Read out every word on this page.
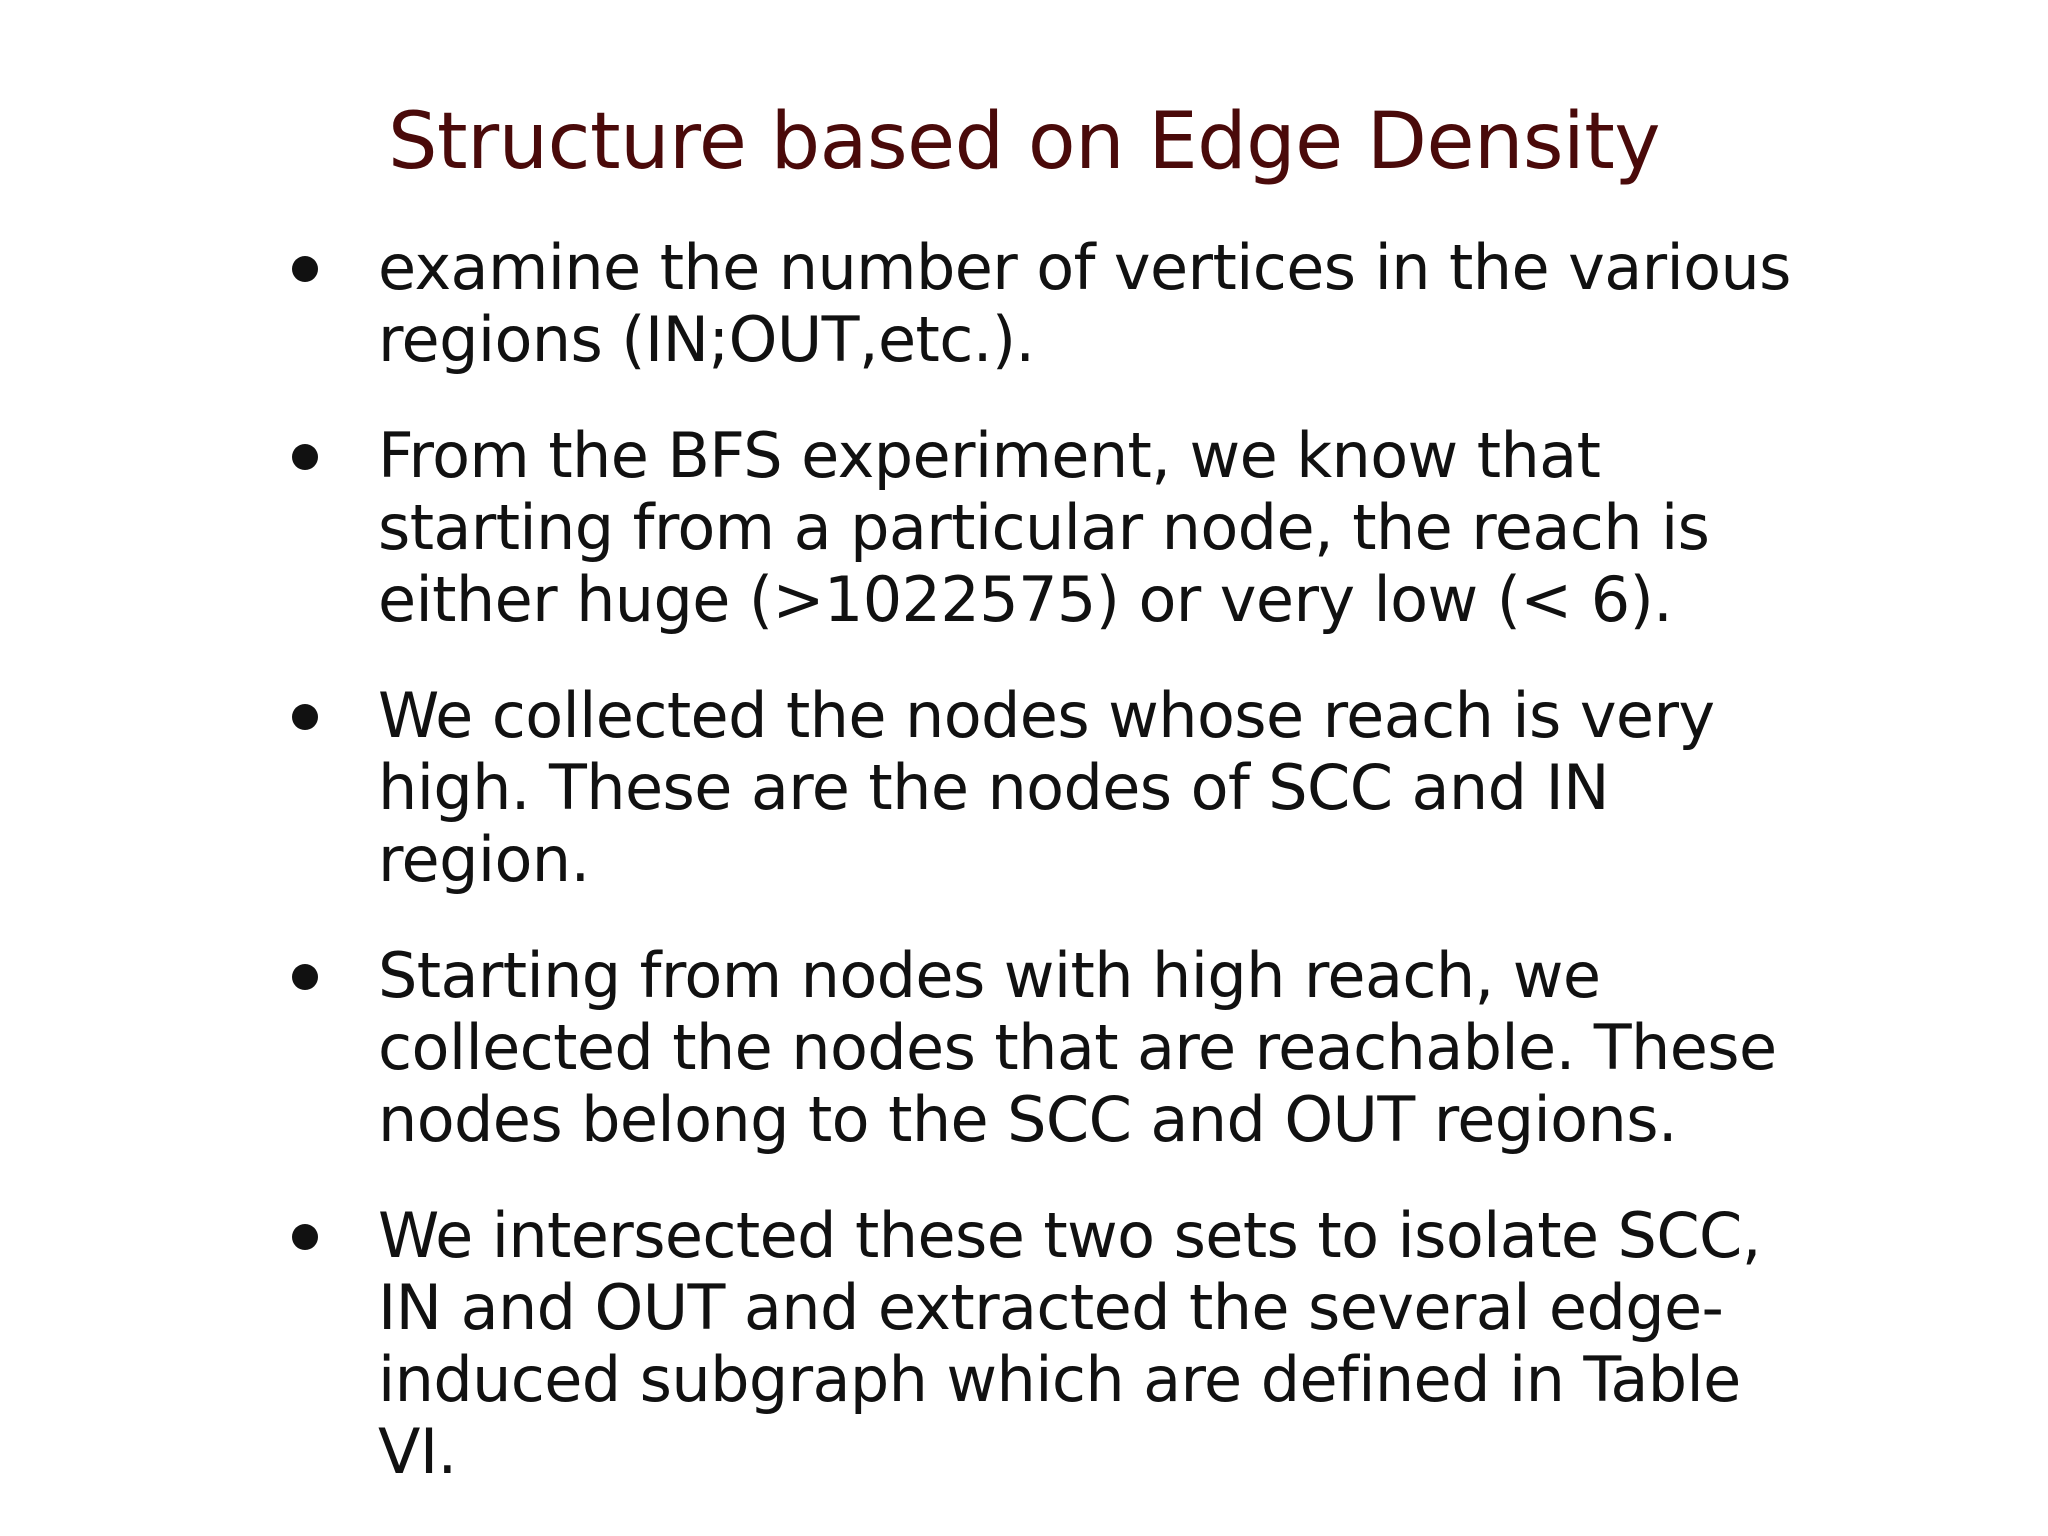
Structure based on Edge Density
examine the number of vertices in the various
regions (IN;OUT,etc.).
From the BFS experiment, we know that
starting from a particular node, the reach is
either huge (>1022575) or very low (< 6).
We collected the nodes whose reach is very
high. These are the nodes of SCC and IN
region.
Starting from nodes with high reach, we
collected the nodes that are reachable. These
nodes belong to the SCC and OUT regions.
We intersected these two sets to isolate SCC,
IN and OUT and extracted the several edge-
induced subgraph which are defined in Table
VI.
